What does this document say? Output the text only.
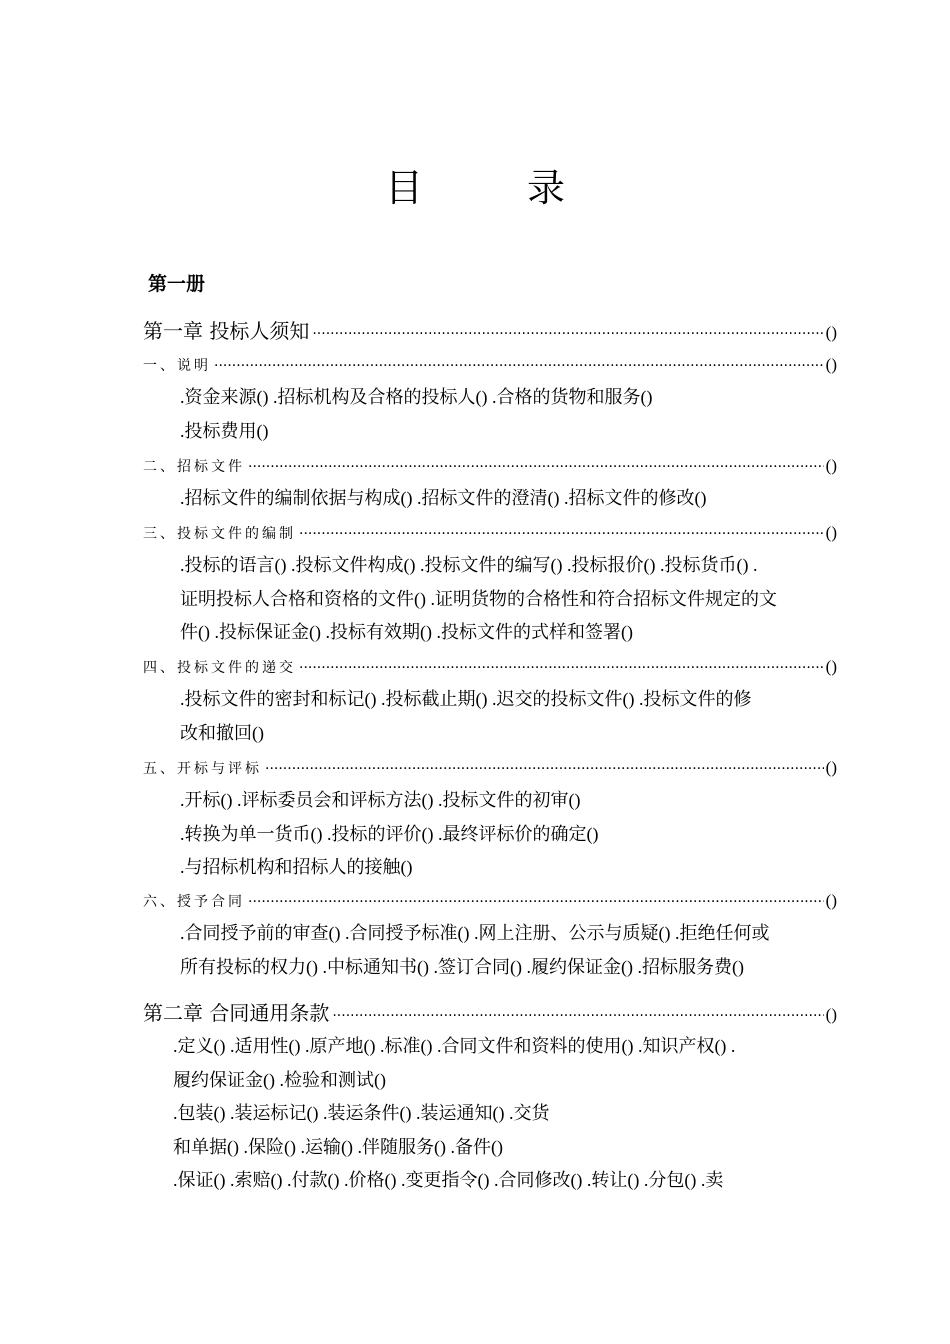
目 录
第一册
第一章 投标人须知 ·····	()
一、说明 ·····	()
.资金来源() .招标机构及合格的投标人() .合格的货物和服务()
.投标费用()
二、招标文件 ·····	()
.招标文件的编制依据与构成() .招标文件的澄清() .招标文件的修改()
三、投标文件的编制 ·····	()
.投标的语言() .投标文件构成() .投标文件的编写() .投标报价() .投标货币() .
证明投标人合格和资格的文件() .证明货物的合格性和符合招标文件规定的文
件() .投标保证金() .投标有效期() .投标文件的式样和签署()
四、投标文件的递交 ·····	()
.投标文件的密封和标记() .投标截止期() .迟交的投标文件() .投标文件的修
改和撤回()
五、开标与评标 ·····	()
.开标() .评标委员会和评标方法() .投标文件的初审()
.转换为单一货币() .投标的评价() .最终评标价的确定()
.与招标机构和招标人的接触()
六、授予合同 ·····	()
.合同授予前的审查() .合同授予标准() .网上注册、公示与质疑() .拒绝任何或
所有投标的权力() .中标通知书() .签订合同() .履约保证金() .招标服务费()
第二章 合同通用条款 ·····	()
.定义() .适用性() .原产地() .标准() .合同文件和资料的使用() .知识产权() .
履约保证金() .检验和测试()
.包装() .装运标记() .装运条件() .装运通知() .交货
和单据() .保险() .运输() .伴随服务() .备件()
.保证() .索赔() .付款() .价格() .变更指令() .合同修改() .转让() .分包() .卖
